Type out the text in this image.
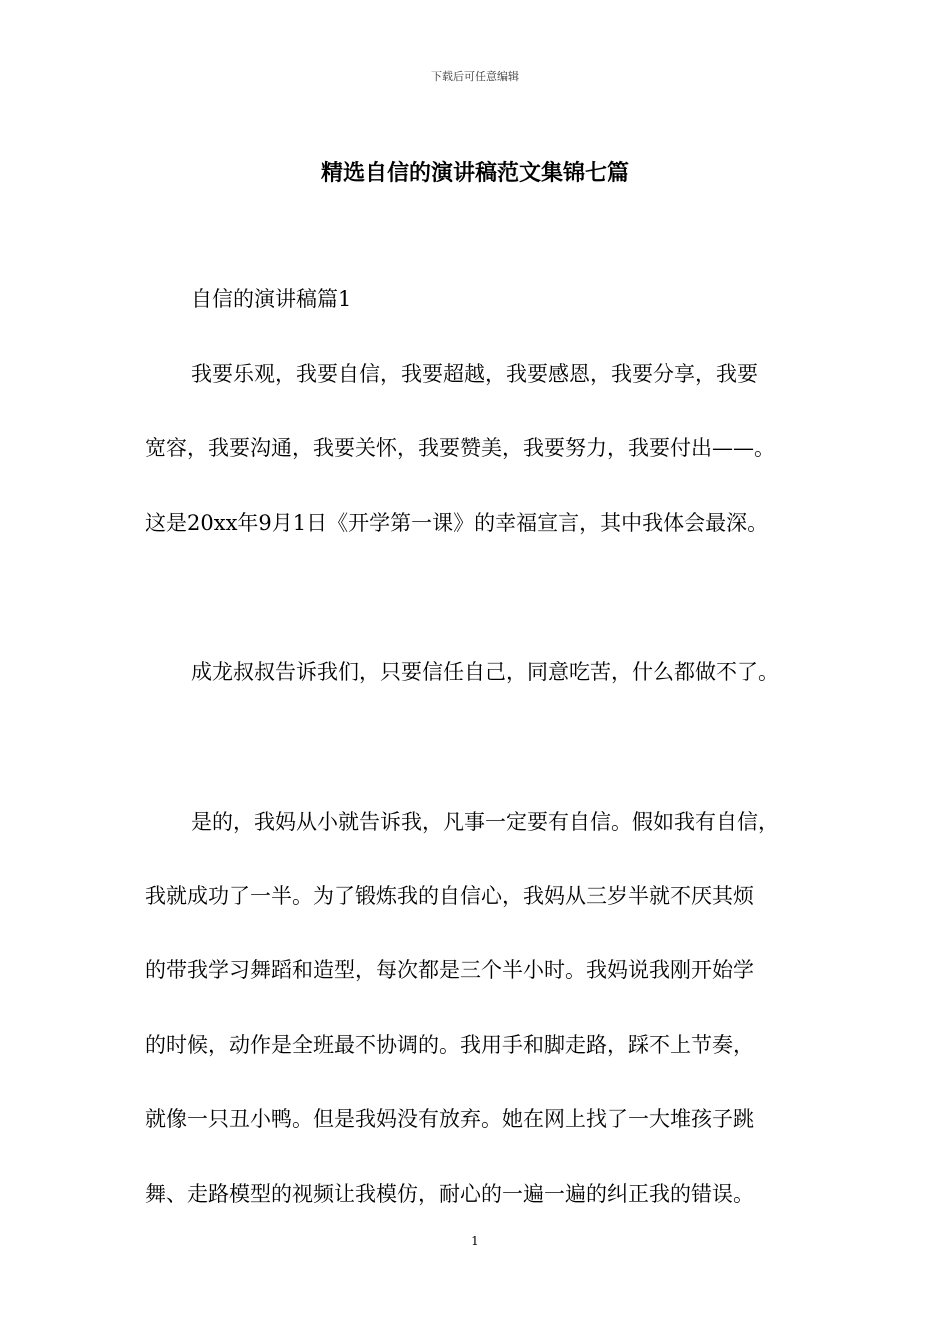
下载后可任意编辑
精选自信的演讲稿范文集锦七篇
自信的演讲稿篇1
我要乐观，我要自信，我要超越，我要感恩，我要分享，我要
宽容，我要沟通，我要关怀，我要赞美，我要努力，我要付出——。
这是20xx年9月1日《开学第一课》的幸福宣言，其中我体会最深。
成龙叔叔告诉我们，只要信任自己，同意吃苦，什么都做不了。
是的，我妈从小就告诉我，凡事一定要有自信。假如我有自信，
我就成功了一半。为了锻炼我的自信心，我妈从三岁半就不厌其烦
的带我学习舞蹈和造型，每次都是三个半小时。我妈说我刚开始学
的时候，动作是全班最不协调的。我用手和脚走路，踩不上节奏，
就像一只丑小鸭。但是我妈没有放弃。她在网上找了一大堆孩子跳
舞、走路模型的视频让我模仿，耐心的一遍一遍的纠正我的错误。
1
